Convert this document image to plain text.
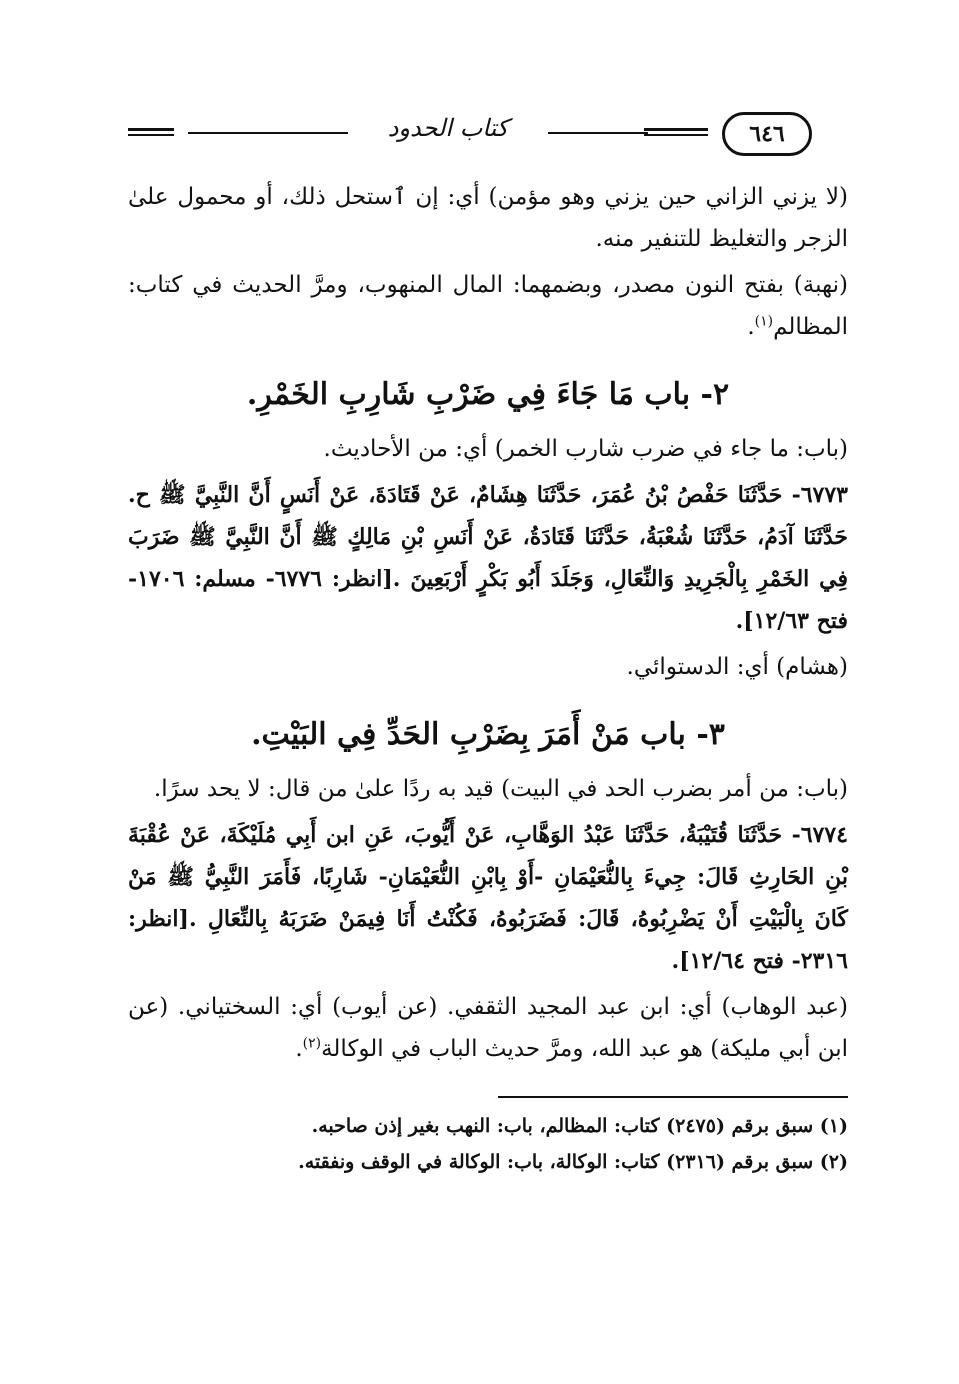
٦٤٦
كتاب الحدود

(لا يزني الزاني حين يزني وهو مؤمن) أي: إن ٱستحل ذلك، أو محمول علىٰ الزجر والتغليظ للتنفير منه.

(نهبة) بفتح النون مصدر، وبضمهما: المال المنهوب، ومرَّ الحديث في كتاب: المظالم$^{(١)}$.

٢- باب مَا جَاءَ فِي ضَرْبِ شَارِبِ الخَمْرِ.

(باب: ما جاء في ضرب شارب الخمر) أي: من الأحاديث.

٦٧٧٣- حَدَّثَنَا حَفْصُ بْنُ عُمَرَ، حَدَّثَنَا هِشَامٌ، عَنْ قَتَادَةَ، عَنْ أَنَسٍ أَنَّ النَّبِيَّ ﷺ ح. حَدَّثَنَا آدَمُ، حَدَّثَنَا شُعْبَةُ، حَدَّثَنَا قَتَادَةُ، عَنْ أَنَسِ بْنِ مَالِكٍ ﷺ أَنَّ النَّبِيَّ ﷺ ضَرَبَ فِي الخَمْرِ بِالْجَرِيدِ وَالنِّعَالِ، وَجَلَدَ أَبُو بَكْرٍ أَرْبَعِينَ .[انظر: ٦٧٧٦- مسلم: ١٧٠٦- فتح ١٢/٦٣].

(هشام) أي: الدستوائي.

٣- باب مَنْ أَمَرَ بِضَرْبِ الحَدِّ فِي البَيْتِ.

(باب: من أمر بضرب الحد في البيت) قيد به ردًا علىٰ من قال: لا يحد سرًا.

٦٧٧٤- حَدَّثَنَا قُتَيْبَةُ، حَدَّثَنَا عَبْدُ الوَهَّابِ، عَنْ أَيُّوبَ، عَنِ ابن أَبِي مُلَيْكَةَ، عَنْ عُقْبَةَ بْنِ الحَارِثِ قَالَ: جِيءَ بِالنُّعَيْمَانِ -أَوْ بِابْنِ النُّعَيْمَانِ- شَارِبًا، فَأَمَرَ النَّبِيُّ ﷺ مَنْ كَانَ بِالْبَيْتِ أَنْ يَضْرِبُوهُ، قَالَ: فَضَرَبُوهُ، فَكُنْتُ أَنَا فِيمَنْ ضَرَبَهُ بِالنِّعَالِ .[انظر: ٢٣١٦- فتح ١٢/٦٤].

(عبد الوهاب) أي: ابن عبد المجيد الثقفي. (عن أيوب) أي: السختياني. (عن ابن أبي مليكة) هو عبد الله، ومرَّ حديث الباب في الوكالة$^{(٢)}$.

(١) سبق برقم (٢٤٧٥) كتاب: المظالم، باب: النهب بغير إذن صاحبه.

(٢) سبق برقم (٢٣١٦) كتاب: الوكالة، باب: الوكالة في الوقف ونفقته.
